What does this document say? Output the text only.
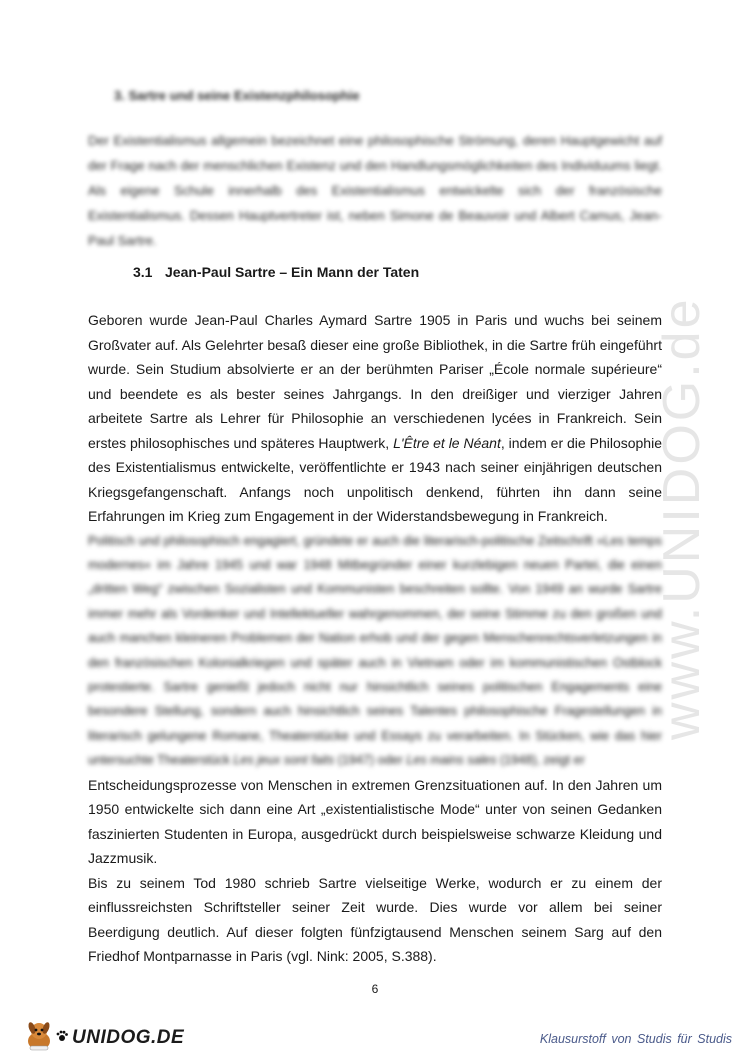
www.UNIDOG.de
3. Sartre und seine Existenzphilosophie

Der Existentialismus allgemein bezeichnet eine philosophische Strömung, deren Hauptgewicht auf der Frage nach der menschlichen Existenz und den Handlungsmöglichkeiten des Individuums liegt. Als eigene Schule innerhalb des Existentialismus entwickelte sich der französische Existentialismus. Dessen Hauptvertreter ist, neben Simone de Beauvoir und Albert Camus, Jean-Paul Sartre.

3.1 Jean-Paul Sartre – Ein Mann der Taten
Geboren wurde Jean-Paul Charles Aymard Sartre 1905 in Paris und wuchs bei seinem Großvater auf. Als Gelehrter besaß dieser eine große Bibliothek, in die Sartre früh eingeführt wurde. Sein Studium absolvierte er an der berühmten Pariser „École normale supérieure“ und beendete es als bester seines Jahrgangs. In den dreißiger und vierziger Jahren arbeitete Sartre als Lehrer für Philosophie an verschiedenen lycées in Frankreich. Sein erstes philosophisches und späteres Hauptwerk, L'Être et le Néant, indem er die Philosophie des Existentialismus entwickelte, veröffentlichte er 1943 nach seiner einjährigen deutschen Kriegsgefangenschaft. Anfangs noch unpolitisch denkend, führten ihn dann seine Erfahrungen im Krieg zum Engagement in der Widerstandsbewegung in Frankreich.
Politisch und philosophisch engagiert, gründete er auch die literarisch-politische Zeitschrift »Les temps modernes« im Jahre 1945 und war 1948 Mitbegründer einer kurzlebigen neuen Partei, die einen „dritten Weg“ zwischen Sozialisten und Kommunisten beschreiten sollte. Von 1949 an wurde Sartre immer mehr als Vordenker und Intellektueller wahrgenommen, der seine Stimme zu den großen und auch manchen kleineren Problemen der Nation erhob und der gegen Menschenrechtsverletzungen in den französischen Kolonialkriegen und später auch in Vietnam oder im kommunistischen Ostblock protestierte. Sartre genießt jedoch nicht nur hinsichtlich seines politischen Engagements eine besondere Stellung, sondern auch hinsichtlich seines Talentes philosophische Fragestellungen in literarisch gelungene Romane, Theaterstücke und Essays zu verarbeiten. In Stücken, wie das hier untersuchte Theaterstück Les jeux sont faits (1947) oder Les mains sales (1948), zeigt er
Entscheidungsprozesse von Menschen in extremen Grenzsituationen auf. In den Jahren um 1950 entwickelte sich dann eine Art „existentialistische Mode“ unter von seinen Gedanken faszinierten Studenten in Europa, ausgedrückt durch beispielsweise schwarze Kleidung und Jazzmusik.
Bis zu seinem Tod 1980 schrieb Sartre vielseitige Werke, wodurch er zu einem der einflussreichsten Schriftsteller seiner Zeit wurde. Dies wurde vor allem bei seiner Beerdigung deutlich. Auf dieser folgten fünfzigtausend Menschen seinem Sarg auf den Friedhof Montparnasse in Paris (vgl. Nink: 2005, S.388).

6

UNIDOG.DE	Klausurstoff von Studis für Studis
